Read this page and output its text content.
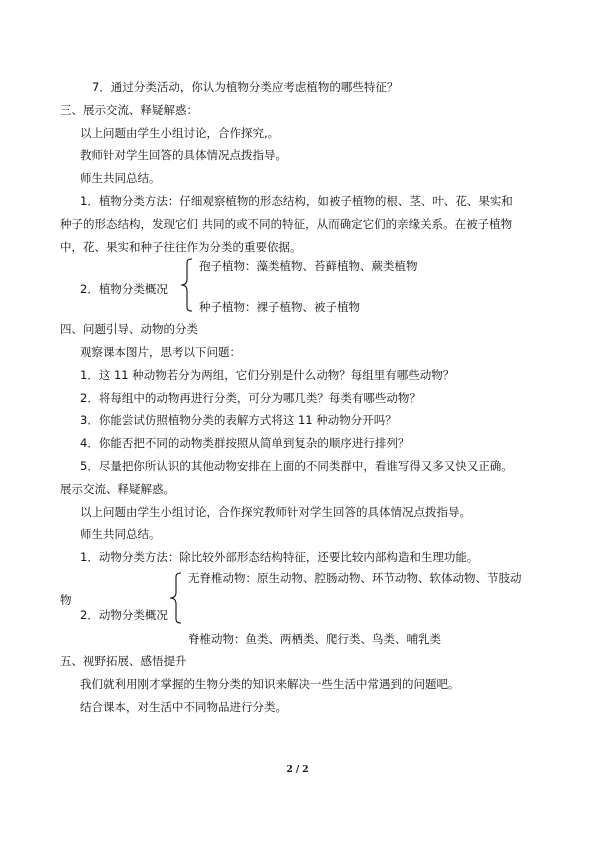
7．通过分类活动，你认为植物分类应考虑植物的哪些特征？
三、展示交流、释疑解惑：
以上问题由学生小组讨论，合作探究,。
教师针对学生回答的具体情况点拨指导。
师生共同总结。
1．植物分类方法：仔细观察植物的形态结构，如被子植物的根、茎、叶、花、果实和
种子的形态结构，发现它们 共同的或不同的特征，从而确定它们的亲缘关系。在被子植物
中，花、果实和种子往往作为分类的重要依据。
孢子植物：藻类植物、苔藓植物、蕨类植物
2．植物分类概况
种子植物：裸子植物、被子植物
四、问题引导、动物的分类
观察课本图片，思考以下问题：
1．这 11 种动物若分为两组，它们分别是什么动物？每组里有哪些动物？
2．将每组中的动物再进行分类，可分为哪几类？每类有哪些动物？
3．你能尝试仿照植物分类的表解方式将这 11 种动物分开吗？
4．你能否把不同的动物类群按照从简单到复杂的顺序进行排列？
5．尽量把你所认识的其他动物安排在上面的不同类群中，看谁写得又多又快又正确。
展示交流、释疑解惑。
以上问题由学生小组讨论，合作探究教师针对学生回答的具体情况点拨指导。
师生共同总结。
1．动物分类方法：除比较外部形态结构特征，还要比较内部构造和生理功能。
无脊椎动物：原生动物、腔肠动物、环节动物、软体动物、节肢动
物
2．动物分类概况
脊椎动物：鱼类、两栖类、爬行类、鸟类、哺乳类
五、视野拓展、感悟提升
我们就利用刚才掌握的生物分类的知识来解决一些生活中常遇到的问题吧。
结合课本，对生活中不同物品进行分类。
2 / 2
